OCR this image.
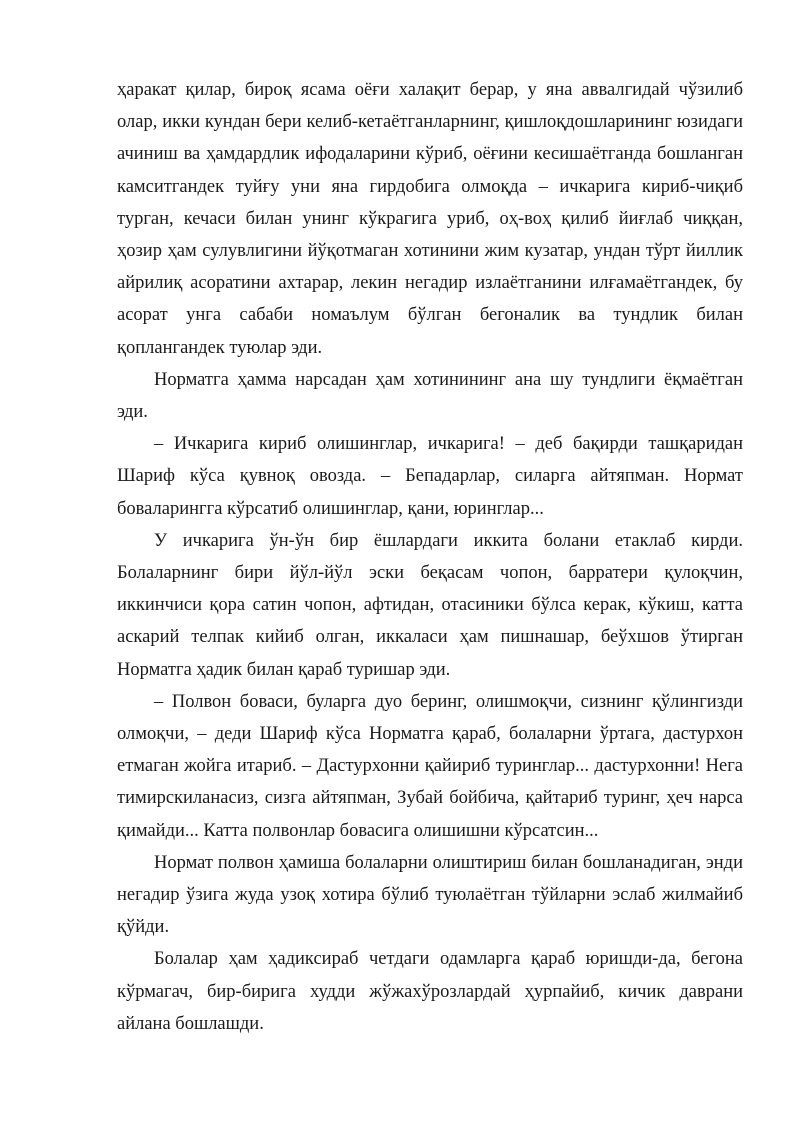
ҳаракат қилар, бироқ ясама оёғи халақит берар, у яна аввалгидай чўзилиб олар, икки кундан бери келиб-кетаётганларнинг, қишлоқдошларининг юзидаги ачиниш ва ҳамдардлик ифодаларини кўриб, оёғини кесишаётганда бошланган камситгандек туйғу уни яна гирдобига олмоқда – ичкарига кириб-чиқиб турган, кечаси билан унинг кўкрагига уриб, оҳ-воҳ қилиб йиғлаб чиққан, ҳозир ҳам сулувлигини йўқотмаган хотинини жим кузатар, ундан тўрт йиллик айрилиқ асоратини ахтарар, лекин негадир излаётганини илғамаётгандек, бу асорат унга сабаби номаълум бўлган бегоналик ва тундлик билан қоплангандек туюлар эди.

Норматга ҳамма нарсадан ҳам хотинининг ана шу тундлиги ёқмаётган эди.

– Ичкарига кириб олишинглар, ичкарига! – деб бақирди ташқаридан Шариф кўса қувноқ овозда. – Бепадарлар, силарга айтяпман. Нормат боваларингга кўрсатиб олишинглар, қани, юринглар...

У ичкарига ўн-ўн бир ёшлардаги иккита болани етаклаб кирди. Болаларнинг бири йўл-йўл эски беқасам чопон, барратери қулоқчин, иккинчиси қора сатин чопон, афтидан, отасиники бўлса керак, кўкиш, катта аскарий телпак кийиб олган, иккаласи ҳам пишнашар, беўхшов ўтирган Норматга ҳадик билан қараб туришар эди.

– Полвон боваси, буларга дуо беринг, олишмоқчи, сизнинг қўлингизди олмоқчи, – деди Шариф кўса Норматга қараб, болаларни ўртага, дастурхон етмаган жойга итариб. – Дастурхонни қайириб туринглар... дастурхонни! Нега тимирскиланасиз, сизга айтяпман, Зубай бойбича, қайтариб туринг, ҳеч нарса қимайди... Катта полвонлар бовасига олишишни кўрсатсин...

Нормат полвон ҳамиша болаларни олиштириш билан бошланадиган, энди негадир ўзига жуда узоқ хотира бўлиб туюлаётган тўйларни эслаб жилмайиб қўйди.

Болалар ҳам ҳадиксираб четдаги одамларга қараб юришди-да, бегона кўрмагач, бир-бирига худди жўжахўрозлардай ҳурпайиб, кичик даврани айлана бошлашди.
